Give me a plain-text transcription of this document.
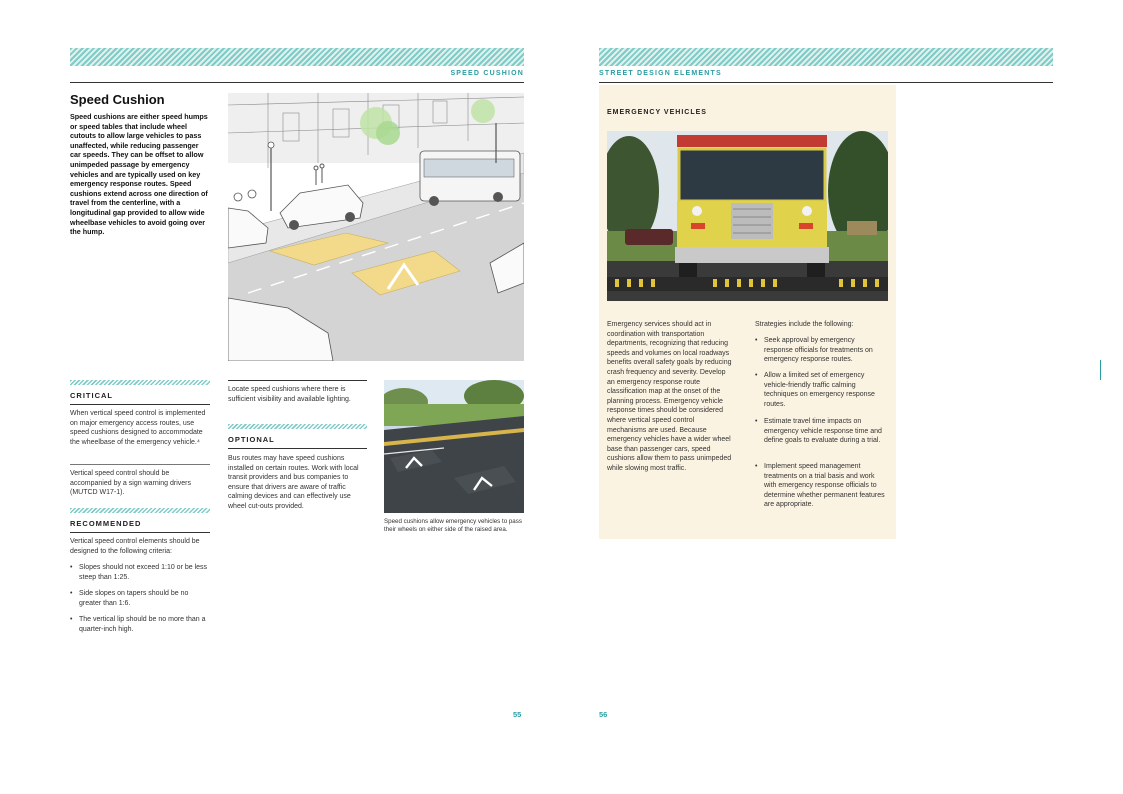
SPEED CUSHION
Speed Cushion
Speed cushions are either speed humps or speed tables that include wheel cutouts to allow large vehicles to pass unaffected, while reducing passenger car speeds. They can be offset to allow unimpeded passage by emergency vehicles and are typically used on key emergency response routes. Speed cushions extend across one direction of travel from the centerline, with a longitudinal gap provided to allow wide wheelbase vehicles to avoid going over the hump.
CRITICAL
When vertical speed control is implemented on major emergency access routes, use speed cushions designed to accommodate the wheelbase of the emergency vehicle.⁴
Vertical speed control should be accompanied by a sign warning drivers (MUTCD W17-1).
RECOMMENDED
Vertical speed control elements should be designed to the following criteria:
• Slopes should not exceed 1:10 or be less steep than 1:25.
• Side slopes on tapers should be no greater than 1:6.
• The vertical lip should be no more than a quarter-inch high.
Locate speed cushions where there is sufficient visibility and available lighting.
OPTIONAL
Bus routes may have speed cushions installed on certain routes. Work with local transit providers and bus companies to ensure that drivers are aware of traffic calming devices and can effectively use wheel cut-outs provided.
Speed cushions allow emergency vehicles to pass their wheels on either side of the raised area.
55
STREET DESIGN ELEMENTS
EMERGENCY VEHICLES
Emergency services should act in coordination with transportation departments, recognizing that reducing speeds and volumes on local roadways benefits overall safety goals by reducing crash frequency and severity. Develop an emergency response route classification map at the onset of the planning process. Emergency vehicle response times should be considered where vertical speed control mechanisms are used. Because emergency vehicles have a wider wheel base than passenger cars, speed cushions allow them to pass unimpeded while slowing most traffic.
Strategies include the following:
• Seek approval by emergency response officials for treatments on emergency response routes.
• Allow a limited set of emergency vehicle-friendly traffic calming techniques on emergency response routes.
• Estimate travel time impacts on emergency vehicle response time and define goals to evaluate during a trial.
• Implement speed management treatments on a trial basis and work with emergency response officials to determine whether permanent features are appropriate.
56
